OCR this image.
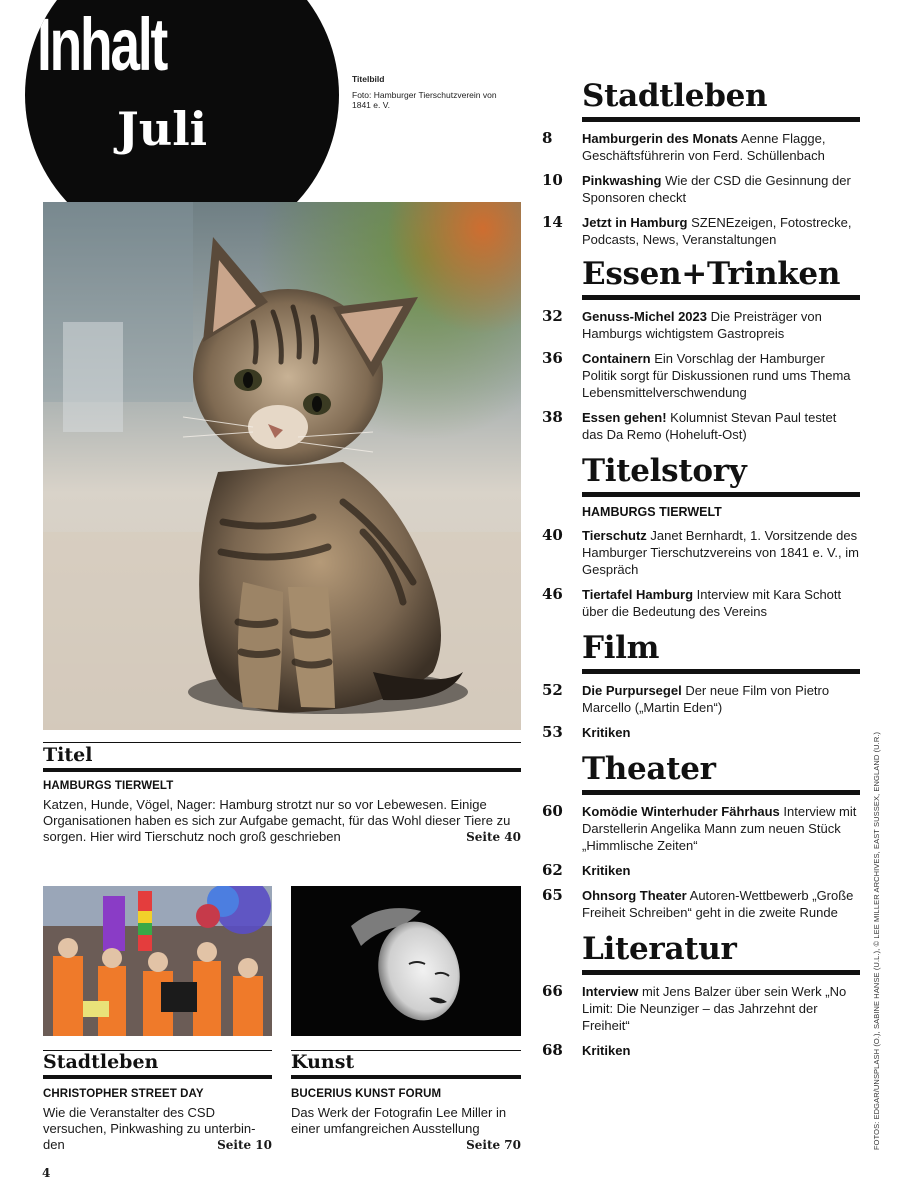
Inhalt
Juli
Titelbild
Foto: Hamburger Tierschutzverein von 1841 e. V.
Titel
HAMBURGS TIERWELT
Katzen, Hunde, Vögel, Nager: Hamburg strotzt nur so vor Lebewesen. Einige Organisationen haben es sich zur Aufgabe gemacht, für das Wohl dieser Tiere zu sorgen. Hier wird Tierschutz noch groß geschrieben	Seite 40
Stadtleben
CHRISTOPHER STREET DAY
Wie die Veranstalter des CSD versuchen, Pinkwashing zu unterbinden	Seite 10
Kunst
BUCERIUS KUNST FORUM
Das Werk der Fotografin Lee Miller in einer umfangreichen Ausstellung
Seite 70
Stadtleben
8	Hamburgerin des Monats Aenne Flagge, Geschäftsführerin von Ferd. Schüllenbach
10	Pinkwashing Wie der CSD die Gesinnung der Sponsoren checkt
14	Jetzt in Hamburg SZENEzeigen, Fotostrecke, Podcasts, News, Veranstaltungen
Essen+Trinken
32	Genuss-Michel 2023 Die Preisträger von Hamburgs wichtigstem Gastropreis
36	Containern Ein Vorschlag der Hamburger Politik sorgt für Diskussionen rund ums Thema Lebensmittelverschwendung
38	Essen gehen! Kolumnist Stevan Paul testet das Da Remo (Hoheluft-Ost)
Titelstory
HAMBURGS TIERWELT
40	Tierschutz Janet Bernhardt, 1. Vorsitzende des Hamburger Tierschutzvereins von 1841 e. V., im Gespräch
46	Tiertafel Hamburg Interview mit Kara Schott über die Bedeutung des Vereins
Film
52	Die Purpursegel Der neue Film von Pietro Marcello („Martin Eden“)
53	Kritiken
Theater
60	Komödie Winterhuder Fährhaus Interview mit Darstellerin Angelika Mann zum neuen Stück „Himmlische Zeiten“
62	Kritiken
65	Ohnsorg Theater Autoren-Wettbewerb „Große Freiheit Schreiben“ geht in die zweite Runde
Literatur
66	Interview mit Jens Balzer über sein Werk „No Limit: Die Neunziger – das Jahrzehnt der Freiheit“
68	Kritiken	FOTOS: EDGAR/UNSPLASH (O.), SABINE HANSE (U.L.), © LEE MILLER ARCHIVES, EAST SUSSEX, ENGLAND (U.R.)
4
